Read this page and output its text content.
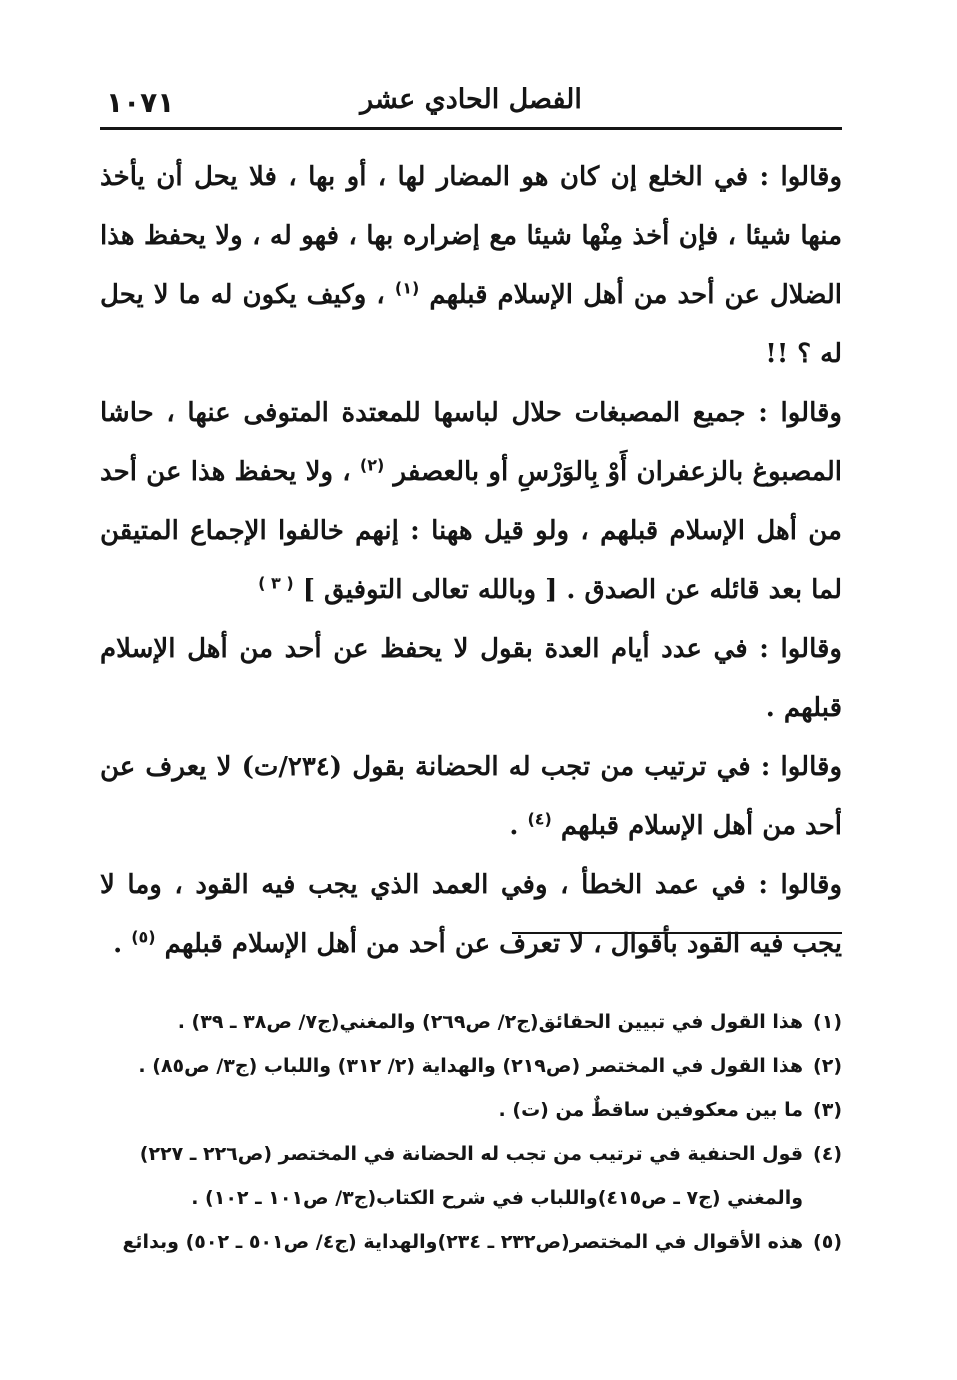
الفصل الحادي عشر
١٠٧١

وقالوا : في الخلع إن كان هو المضار لها ، أو بها ، فلا يحل أن يأخذ منها شيئا ، فإن أخذ مِنْها شيئا مع إضراره بها ، فهو له ، ولا يحفظ هذا الضلال عن أحد من أهل الإسلام قبلهم $^{(١)}$ ، وكيف يكون له ما لا يحل له ؟ !!

وقالوا : جميع المصبغات حلال لباسها للمعتدة المتوفى عنها ، حاشا المصبوغ بالزعفران أَوْ بِالوَرْسِ أو بالعصفر $^{(٢)}$ ، ولا يحفظ هذا عن أحد من أهل الإسلام قبلهم ، ولو قيل ههنا : إنهم خالفوا الإجماع المتيقن لما بعد قائله عن الصدق . [ وبالله تعالى التوفيق ] $^{( ٣ )}$

وقالوا : في عدد أيام العدة بقول لا يحفظ عن أحد من أهل الإسلام قبلهم .

وقالوا : في ترتيب من تجب له الحضانة بقول (٢٣٤/ت) لا يعرف عن أحد من أهل الإسلام قبلهم $^{(٤)}$ .

وقالوا : في عمد الخطأ ، وفي العمد الذي يجب فيه القود ، وما لا يجب فيه القود بأقوال ، لا تعرف عن أحد من أهل الإسلام قبلهم $^{(٥)}$ .

(١)
هذا القول في تبيين الحقائق(ج٢/ ص٢٦٩) والمغني(ج٧/ ص٣٨ ـ ٣٩) .

(٢)
هذا القول في المختصر (ص٢١٩) والهداية (٢/ ٣١٢) واللباب (ج٣/ ص٨٥) .

(٣)
ما بين معكوفين ساقطٌ من (ت) .

(٤)
قول الحنفية في ترتيب من تجب له الحضانة في المختصر (ص٢٢٦ ـ ٢٢٧) والمغني (ج٧ ـ ص٤١٥)واللباب في شرح الكتاب(ج٣/ ص١٠١ ـ ١٠٢) .

(٥)
هذه الأقوال في المختصر(ص٢٣٢ ـ ٢٣٤)والهداية (ج٤/ ص٥٠١ ـ ٥٠٢) وبدائع
